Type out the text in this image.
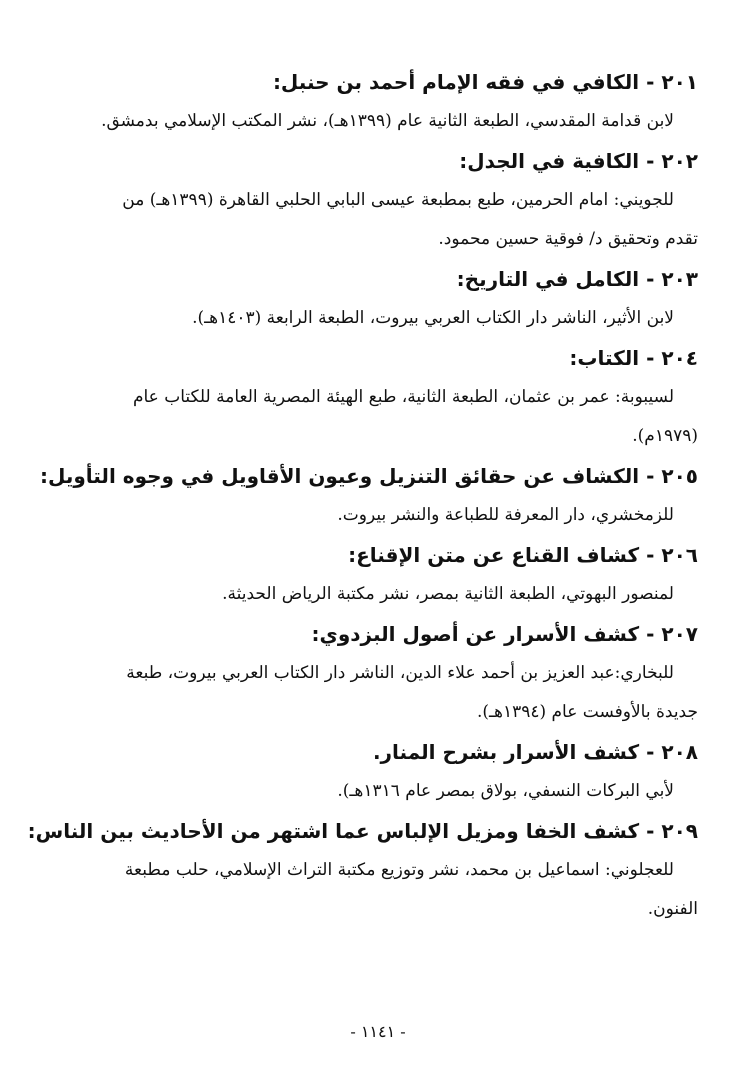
٢٠١ - الكافي في فقه الإمام أحمد بن حنبل:

لابن قدامة المقدسي، الطبعة الثانية عام (١٣٩٩هـ)، نشر المكتب الإسلامي بدمشق.

٢٠٢ - الكافية في الجدل:

للجويني: امام الحرمين، طبع بمطبعة عيسى البابي الحلبي القاهرة (١٣٩٩هـ) من تقدم وتحقيق د/ فوقية حسين محمود.

٢٠٣ - الكامل في التاريخ:

لابن الأثير، الناشر دار الكتاب العربي بيروت، الطبعة الرابعة (١٤٠٣هـ).

٢٠٤ - الكتاب:

لسيبوبة: عمر بن عثمان، الطبعة الثانية، طبع الهيئة المصرية العامة للكتاب عام (١٩٧٩م).

٢٠٥ - الكشاف عن حقائق التنزيل وعيون الأقاويل في وجوه التأويل:

للزمخشري، دار المعرفة للطباعة والنشر بيروت.

٢٠٦ - كشاف القناع عن متن الإقناع:

لمنصور البهوتي، الطبعة الثانية بمصر، نشر مكتبة الرياض الحديثة.

٢٠٧ - كشف الأسرار عن أصول البزدوي:

للبخاري:عبد العزيز بن أحمد علاء الدين، الناشر دار الكتاب العربي بيروت، طبعة جديدة بالأوفست عام (١٣٩٤هـ).

٢٠٨ - كشف الأسرار بشرح المنار.

لأبي البركات النسفي، بولاق بمصر عام ١٣١٦هـ).

٢٠٩ - كشف الخفا ومزيل الإلباس عما اشتهر من الأحاديث بين الناس:

للعجلوني: اسماعيل بن محمد، نشر وتوزيع مكتبة التراث الإسلامي، حلب مطبعة الفنون.

- ١١٤١ -
